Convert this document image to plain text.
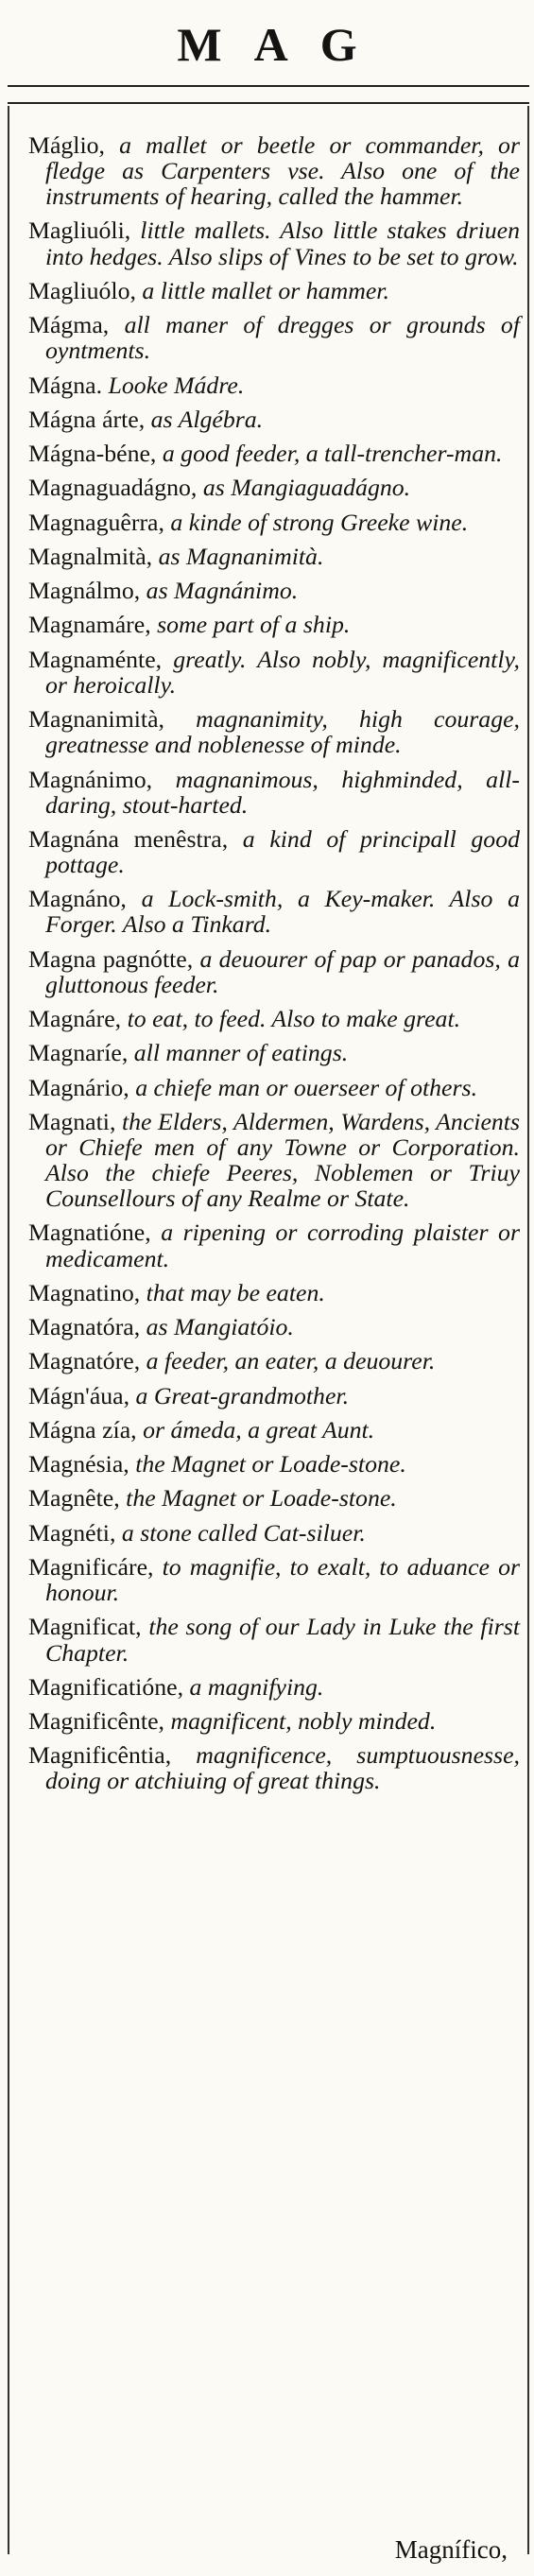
MAG
Máglio, a mallet or beetle or commander, or fledge as Carpenters vse. Also one of the instruments of hearing, called the hammer.
Magliuóli, little mallets. Also little stakes driuen into hedges. Also slips of Vines to be set to grow.
Magliuólo, a little mallet or hammer.
Mágma, all maner of dregges or grounds of oyntments.
Mágna. Looke Mádre.
Mágna árte, as Algébra.
Mágna-béne, a good feeder, a tall-trencher-man.
Magnaguadágno, as Mangiaguadágno.
Magnaguêrra, a kinde of strong Greeke wine.
Magnalmità, as Magnanimità.
Magnálmo, as Magnánimo.
Magnamáre, some part of a ship.
Magnaménte, greatly. Also nobly, magnificently, or heroically.
Magnanimità, magnanimity, high courage, greatnesse and noblenesse of minde.
Magnánimo, magnanimous, highminded, all-daring, stout-harted.
Magnána menêstra, a kind of principall good pottage.
Magnáno, a Lock-smith, a Key-maker. Also a Forger. Also a Tinkard.
Magna pagnótte, a deuourer of pap or panados, a gluttonous feeder.
Magnáre, to eat, to feed. Also to make great.
Magnaríe, all manner of eatings.
Magnário, a chiefe man or ouerseer of others.
Magnati, the Elders, Aldermen, Wardens, Ancients or Chiefe men of any Towne or Corporation. Also the chiefe Peeres, Noblemen or Triuy Counsellours of any Realme or State.
Magnatióne, a ripening or corroding plaister or medicament.
Magnatino, that may be eaten.
Magnatóra, as Mangiatóio.
Magnatóre, a feeder, an eater, a deuourer.
Mágn'áua, a Great-grandmother.
Mágna zía, or ámeda, a great Aunt.
Magnésia, the Magnet or Loade-stone.
Magnête, the Magnet or Loade-stone.
Magnéti, a stone called Cat-siluer.
Magnificáre, to magnifie, to exalt, to aduance or honour.
Magnificat, the song of our Lady in Luke the first Chapter.
Magnificatióne, a magnifying.
Magnificênte, magnificent, nobly minded.
Magnificêntia, magnificence, sumptuousnesse, doing or atchiuing of great things.
Magnífico,
